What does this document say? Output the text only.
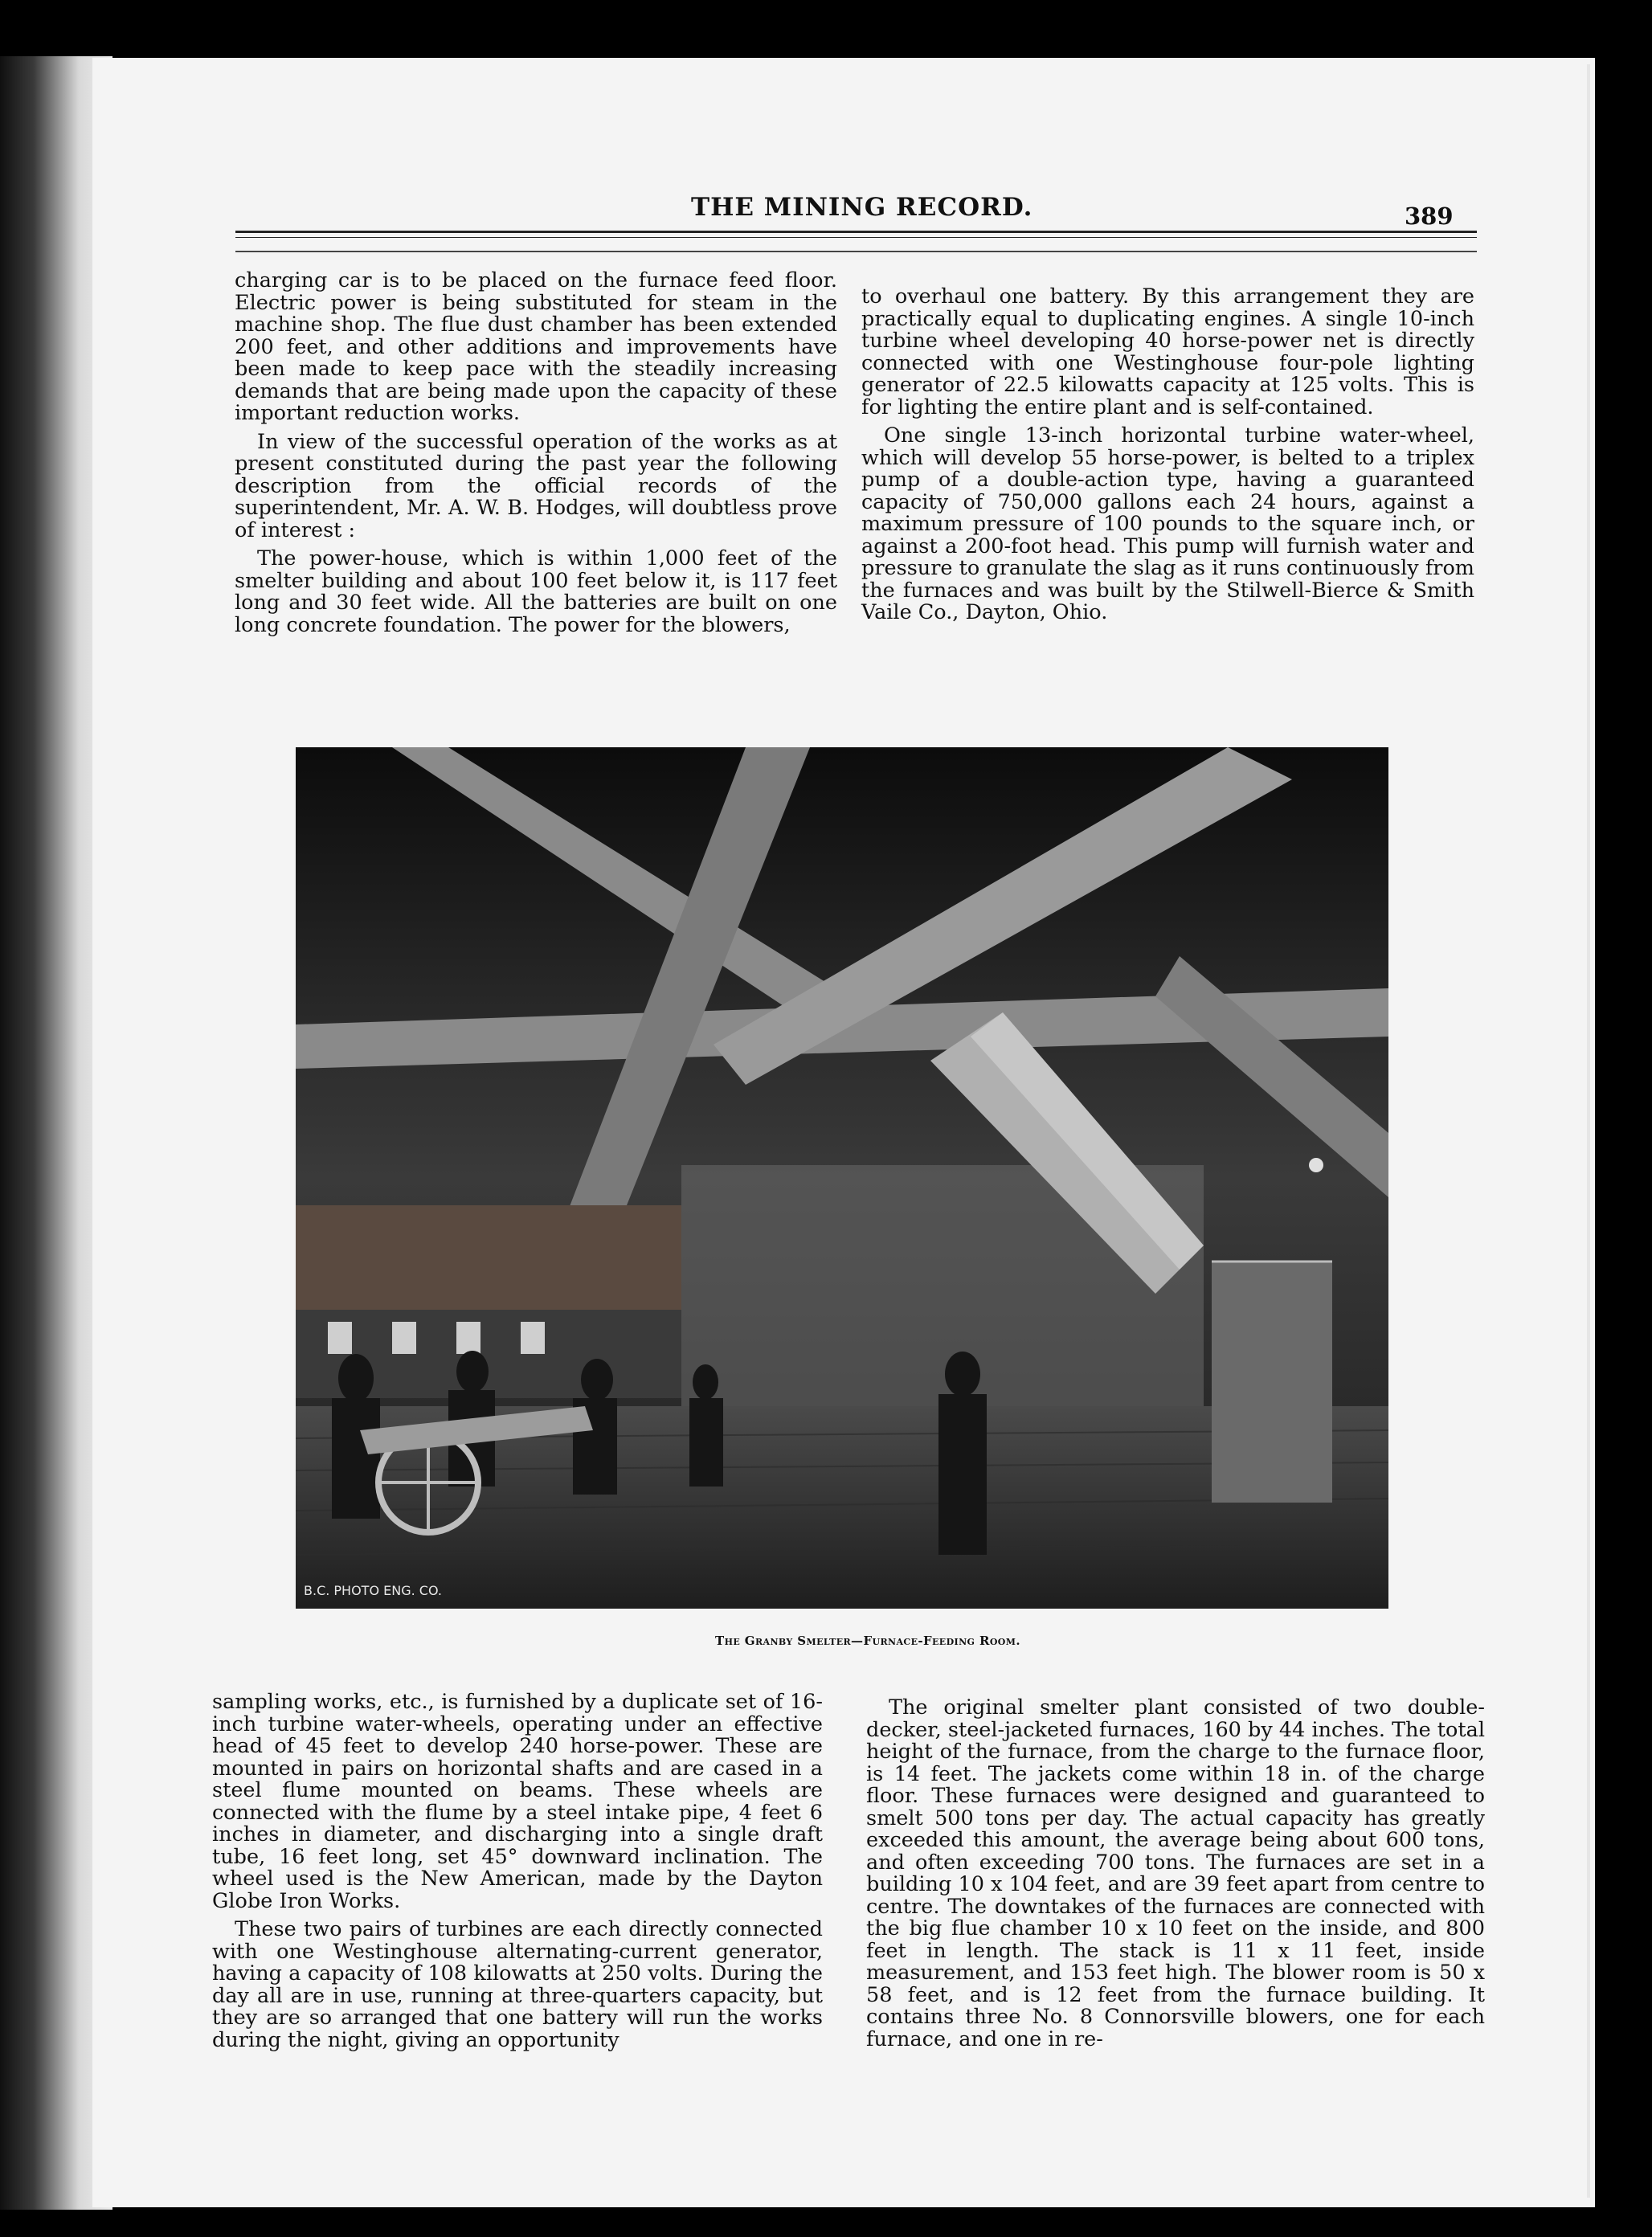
THE MINING RECORD.	389

charging car is to be placed on the furnace feed floor. Electric power is being substituted for steam in the machine shop. The flue dust chamber has been extended 200 feet, and other additions and improvements have been made to keep pace with the steadily increasing demands that are being made upon the capacity of these important reduction works.

In view of the successful operation of the works as at present constituted during the past year the following description from the official records of the superintendent, Mr. A. W. B. Hodges, will doubtless prove of interest :

The power-house, which is within 1,000 feet of the smelter building and about 100 feet below it, is 117 feet long and 30 feet wide. All the batteries are built on one long concrete foundation. The power for the blowers,

to overhaul one battery. By this arrangement they are practically equal to duplicating engines. A single 10-inch turbine wheel developing 40 horse-power net is directly connected with one Westinghouse four-pole lighting generator of 22.5 kilowatts capacity at 125 volts. This is for lighting the entire plant and is self-contained.

One single 13-inch horizontal turbine water-wheel, which will develop 55 horse-power, is belted to a triplex pump of a double-action type, having a guaranteed capacity of 750,000 gallons each 24 hours, against a maximum pressure of 100 pounds to the square inch, or against a 200-foot head. This pump will furnish water and pressure to granulate the slag as it runs continuously from the furnaces and was built by the Stilwell-Bierce & Smith Vaile Co., Dayton, Ohio.

B.C. PHOTO ENG. CO.
The Granby Smelter—Furnace-Feeding Room.

sampling works, etc., is furnished by a duplicate set of 16-inch turbine water-wheels, operating under an effective head of 45 feet to develop 240 horse-power. These are mounted in pairs on horizontal shafts and are cased in a steel flume mounted on beams. These wheels are connected with the flume by a steel intake pipe, 4 feet 6 inches in diameter, and discharging into a single draft tube, 16 feet long, set 45° downward inclination. The wheel used is the New American, made by the Dayton Globe Iron Works.

These two pairs of turbines are each directly connected with one Westinghouse alternating-current generator, having a capacity of 108 kilowatts at 250 volts. During the day all are in use, running at three-quarters capacity, but they are so arranged that one battery will run the works during the night, giving an opportunity

The original smelter plant consisted of two double-decker, steel-jacketed furnaces, 160 by 44 inches. The total height of the furnace, from the charge to the furnace floor, is 14 feet. The jackets come within 18 in. of the charge floor. These furnaces were designed and guaranteed to smelt 500 tons per day. The actual capacity has greatly exceeded this amount, the average being about 600 tons, and often exceeding 700 tons. The furnaces are set in a building 10 x 104 feet, and are 39 feet apart from centre to centre. The downtakes of the furnaces are connected with the big flue chamber 10 x 10 feet on the inside, and 800 feet in length. The stack is 11 x 11 feet, inside measurement, and 153 feet high. The blower room is 50 x 58 feet, and is 12 feet from the furnace building. It contains three No. 8 Connorsville blowers, one for each furnace, and one in re-
